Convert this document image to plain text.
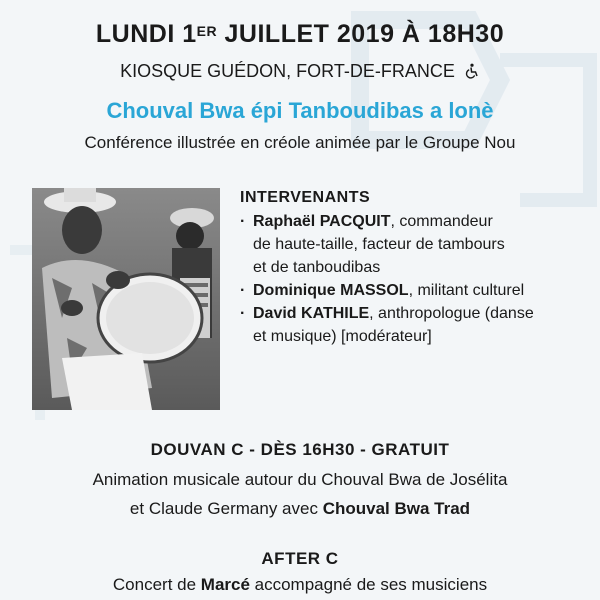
LUNDI 1ER JUILLET 2019 À 18H30
KIOSQUE GUÉDON, FORT-DE-FRANCE
Chouval Bwa épi Tanboudibas a lonè
Conférence illustrée en créole animée par le Groupe Nou
INTERVENANTS
· Raphaël PACQUIT, commandeur
de haute-taille, facteur de tambours
et de tanboudibas
· Dominique MASSOL, militant culturel
· David KATHILE, anthropologue (danse
et musique) [modérateur]
DOUVAN C - DÈS 16H30 - GRATUIT
Animation musicale autour du Chouval Bwa de Josélita
et Claude Germany avec Chouval Bwa Trad
AFTER C
Concert de Marcé accompagné de ses musiciens
